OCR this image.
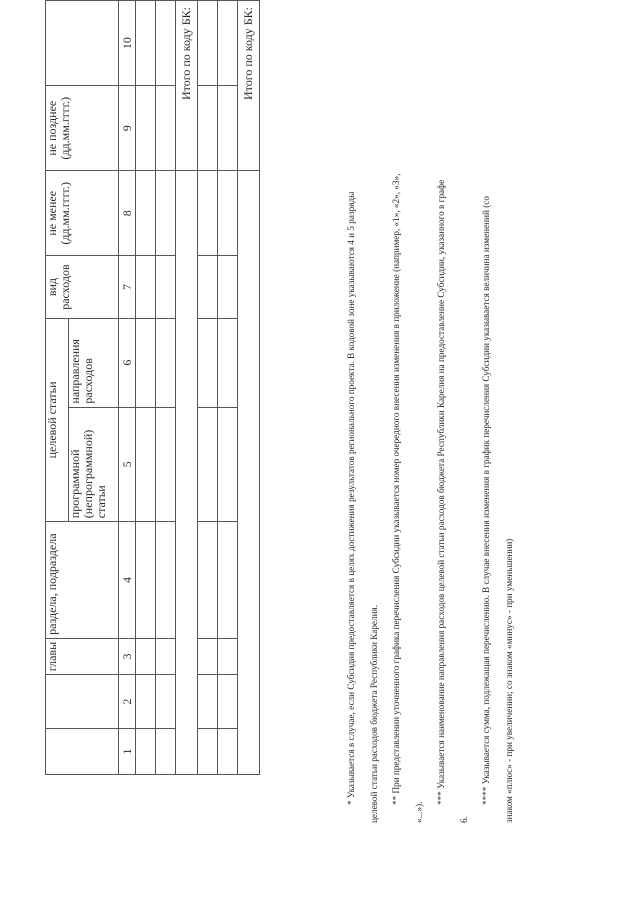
		главы	раздела, подраздела	целевой статьи		вид расходов	не менее (дд.мм.гггг.)	не позднее (дд.мм.гггг.)	
				программной (непрограммной) статьи	направления расходов				
1	2	3	4	5	6	7	8	9	10

								Итого по коду БК:	

								Итого по коду БК:	

* Указывается в случае, если Субсидия предоставляется в целях достижения результатов регионального проекта. В кодовой зоне указываются 4 и 5 разряды	целевой статьи расходов бюджета Республики Карелия.	** При представлении уточненного графика перечисления Субсидии указывается номер очередного внесения изменения в приложение (например, «1», «2», «3»,

«...»).

*** Указывается наименование направления расходов целевой статьи расходов бюджета Республики Карелия на предоставление Субсидии, указанного в графе

6.

**** Указывается сумма, подлежащая перечислению. В случае внесения изменения в график перечисления Субсидии указывается величина изменений (со	знаком «плюс» - при увеличении; со знаком «минус» - при уменьшении)
